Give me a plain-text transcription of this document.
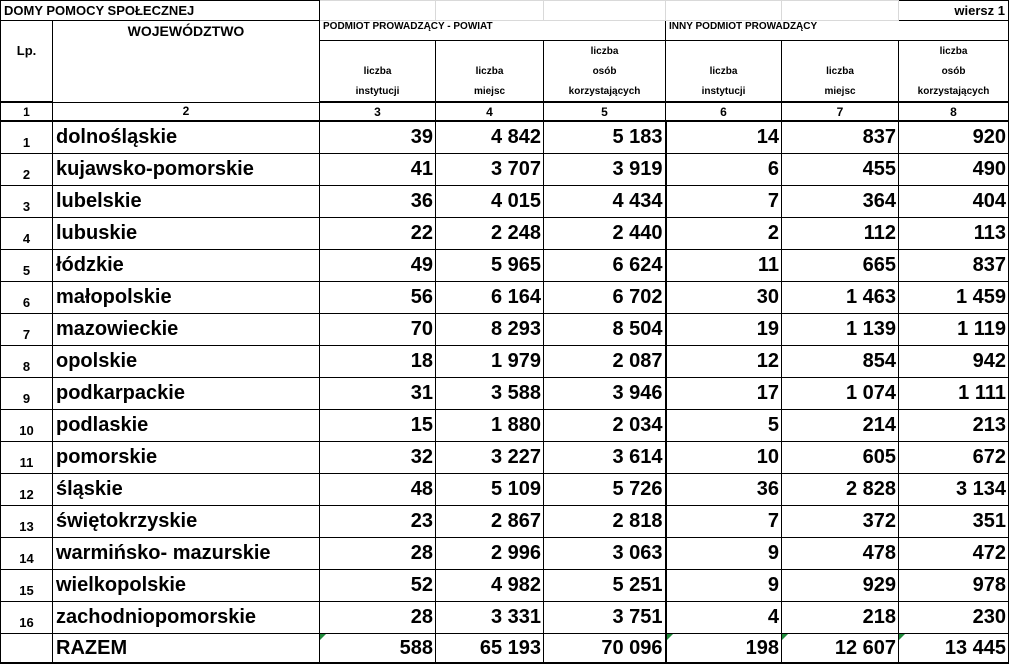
DOMY POMOCY SPOŁECZNEJ							wiersz 1
	WOJEWÓDZTWO	PODMIOT PROWADZĄCY - POWIAT			INNY PODMIOT PROWADZĄCY		
Lp.				liczba			liczba
		liczba	liczba	osób	liczba	liczba	osób
		instytucji	miejsc	korzystających	instytucji	miejsc	korzystających
1	2	3	4	5	6	7	8
1	dolnośląskie	39	4 842	5 183	14	837	920
2	kujawsko-pomorskie	41	3 707	3 919	6	455	490
3	lubelskie	36	4 015	4 434	7	364	404
4	lubuskie	22	2 248	2 440	2	112	113
5	łódzkie	49	5 965	6 624	11	665	837
6	małopolskie	56	6 164	6 702	30	1 463	1 459
7	mazowieckie	70	8 293	8 504	19	1 139	1 119
8	opolskie	18	1 979	2 087	12	854	942
9	podkarpackie	31	3 588	3 946	17	1 074	1 111
10	podlaskie	15	1 880	2 034	5	214	213
11	pomorskie	32	3 227	3 614	10	605	672
12	śląskie	48	5 109	5 726	36	2 828	3 134
13	świętokrzyskie	23	2 867	2 818	7	372	351
14	warmińsko- mazurskie	28	2 996	3 063	9	478	472
15	wielkopolskie	52	4 982	5 251	9	929	978
16	zachodniopomorskie	28	3 331	3 751	4	218	230
	RAZEM	588	65 193	70 096	198	12 607	13 445
